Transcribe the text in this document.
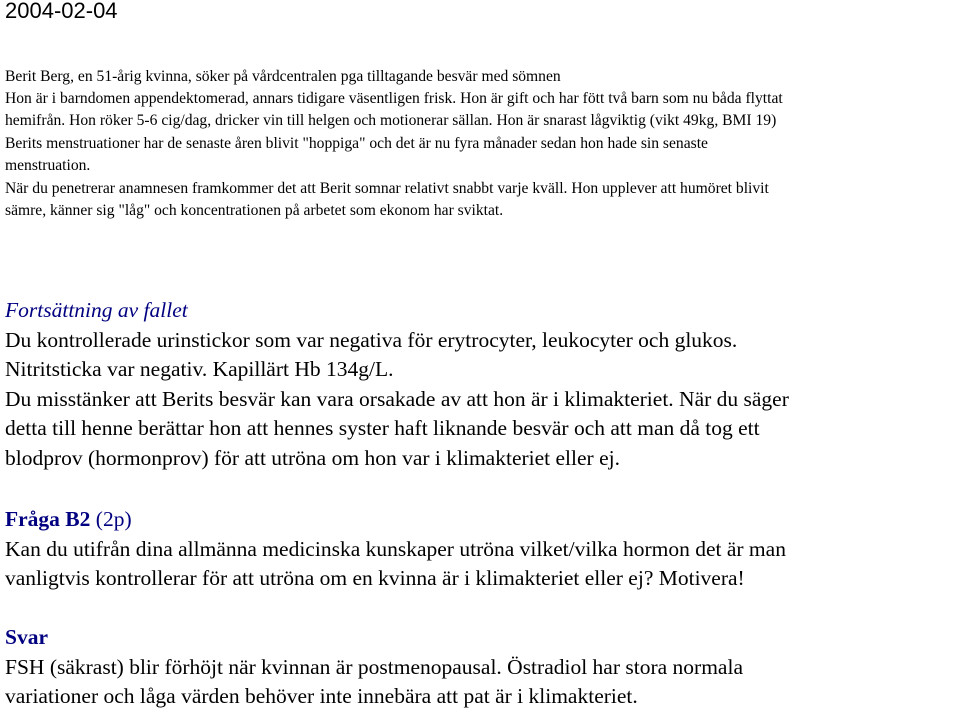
2004-02-04
Berit Berg, en 51-årig kvinna, söker på vårdcentralen pga tilltagande besvär med sömnen
Hon är i barndomen appendektomerad, annars tidigare väsentligen frisk. Hon är gift och har fött två barn som nu båda flyttat
hemifrån. Hon röker 5-6 cig/dag, dricker vin till helgen och motionerar sällan. Hon är snarast lågviktig (vikt 49kg, BMI 19)
Berits menstruationer har de senaste åren blivit "hoppiga" och det är nu fyra månader sedan hon hade sin senaste
menstruation.
När du penetrerar anamnesen framkommer det att Berit somnar relativt snabbt varje kväll. Hon upplever att humöret blivit
sämre, känner sig "låg" och koncentrationen på arbetet som ekonom har sviktat.
Fortsättning av fallet
Du kontrollerade urinstickor som var negativa för erytrocyter, leukocyter och glukos.
Nitritsticka var negativ. Kapillärt Hb 134g/L.
Du misstänker att Berits besvär kan vara orsakade av att hon är i klimakteriet. När du säger
detta till henne berättar hon att hennes syster haft liknande besvär och att man då tog ett
blodprov (hormonprov) för att utröna om hon var i klimakteriet eller ej.
Fråga B2 (2p)
Kan du utifrån dina allmänna medicinska kunskaper utröna vilket/vilka hormon det är man
vanligtvis kontrollerar för att utröna om en kvinna är i klimakteriet eller ej? Motivera!
Svar
FSH (säkrast) blir förhöjt när kvinnan är postmenopausal. Östradiol har stora normala
variationer och låga värden behöver inte innebära att pat är i klimakteriet.
